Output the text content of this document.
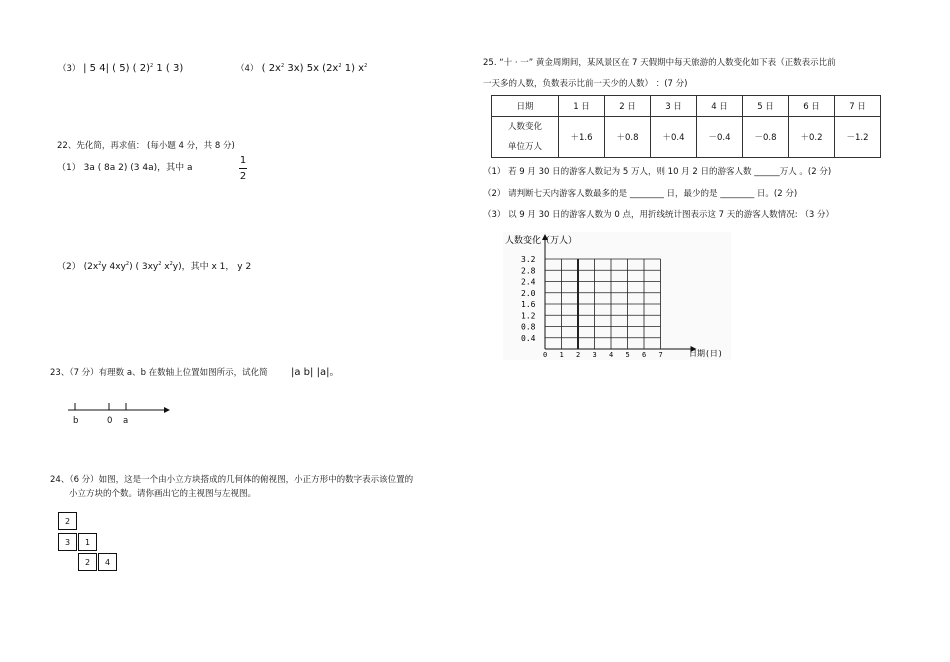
（3） | 5 4| ( 5) ( 2)$^2$ 1 ( 3)	（4） ( $2x^2$ 3x) 5x ($2x^2$ 1) $x^2$
22、先化简，再求值： (每小题 4 分，共 8 分)
（1） 3a ( 8a 2) (3 4a)，其中 a
1
2
（2） ($2x^2y$ $4xy^2$) ( $3xy^2$ $x^2y$)，其中 x 1， y 2
23、（7 分）有理数 a、b 在数轴上位置如图所示，试化简 |a b| |a|。
b	0 a
24、（6 分）如图，这是一个由小立方块搭成的几何体的俯视图，小正方形中的数字表示该位置的
小立方块的个数。请你画出它的主视图与左视图。
2
3	1
2	4
25. “十 · 一” 黄金周期间，某风景区在 7 天假期中每天旅游的人数变化如下表（正数表示比前
一天多的人数，负数表示比前一天少的人数） ：(7 分)
日期	1 日	2 日	3 日	4 日	5 日	6 日	7 日

人数变化
单位万人	＋1.6	＋0.8	＋0.4	－0.4	－0.8	＋0.2	－1.2
（1） 若 9 月 30 日的游客人数记为 5 万人，则 10 月 2 日的游客人数 ______万人 。(2 分)
（2） 请判断七天内游客人数最多的是 ________ 日，最少的是 ________ 日。(2 分)
（3） 以 9 月 30 日的游客人数为 0 点，用折线统计图表示这 7 天的游客人数情况: （3 分）
3.2
2.8
2.4
2.0
1.6
1.2
0.8
0.4
0 1 2 3 4 5 6 7
人数变化（万人）
日期(日)
